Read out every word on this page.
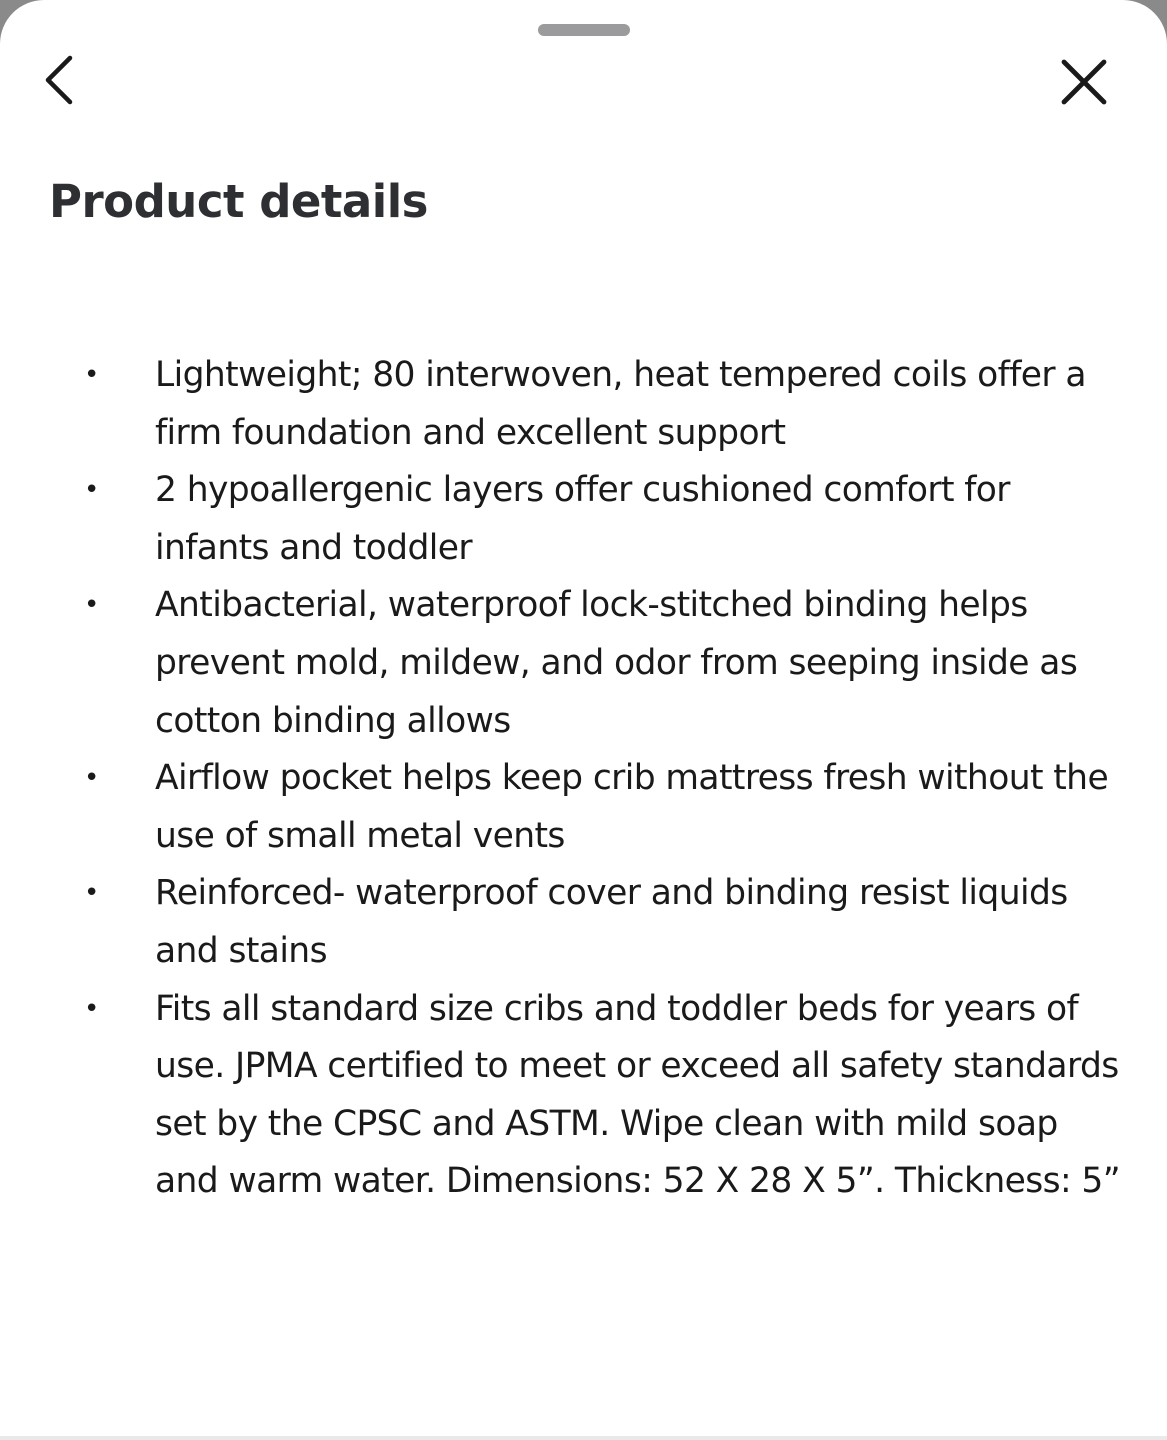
Product details
• Lightweight; 80 interwoven, heat tempered coils offer a firm foundation and excellent support
• 2 hypoallergenic layers offer cushioned comfort for infants and toddler
• Antibacterial, waterproof lock-stitched binding helps prevent mold, mildew, and odor from seeping inside as cotton binding allows
• Airflow pocket helps keep crib mattress fresh without the use of small metal vents
• Reinforced- waterproof cover and binding resist liquids and stains
• Fits all standard size cribs and toddler beds for years of use. JPMA certified to meet or exceed all safety standards set by the CPSC and ASTM. Wipe clean with mild soap and warm water. Dimensions: 52 X 28 X 5”. Thickness: 5”
